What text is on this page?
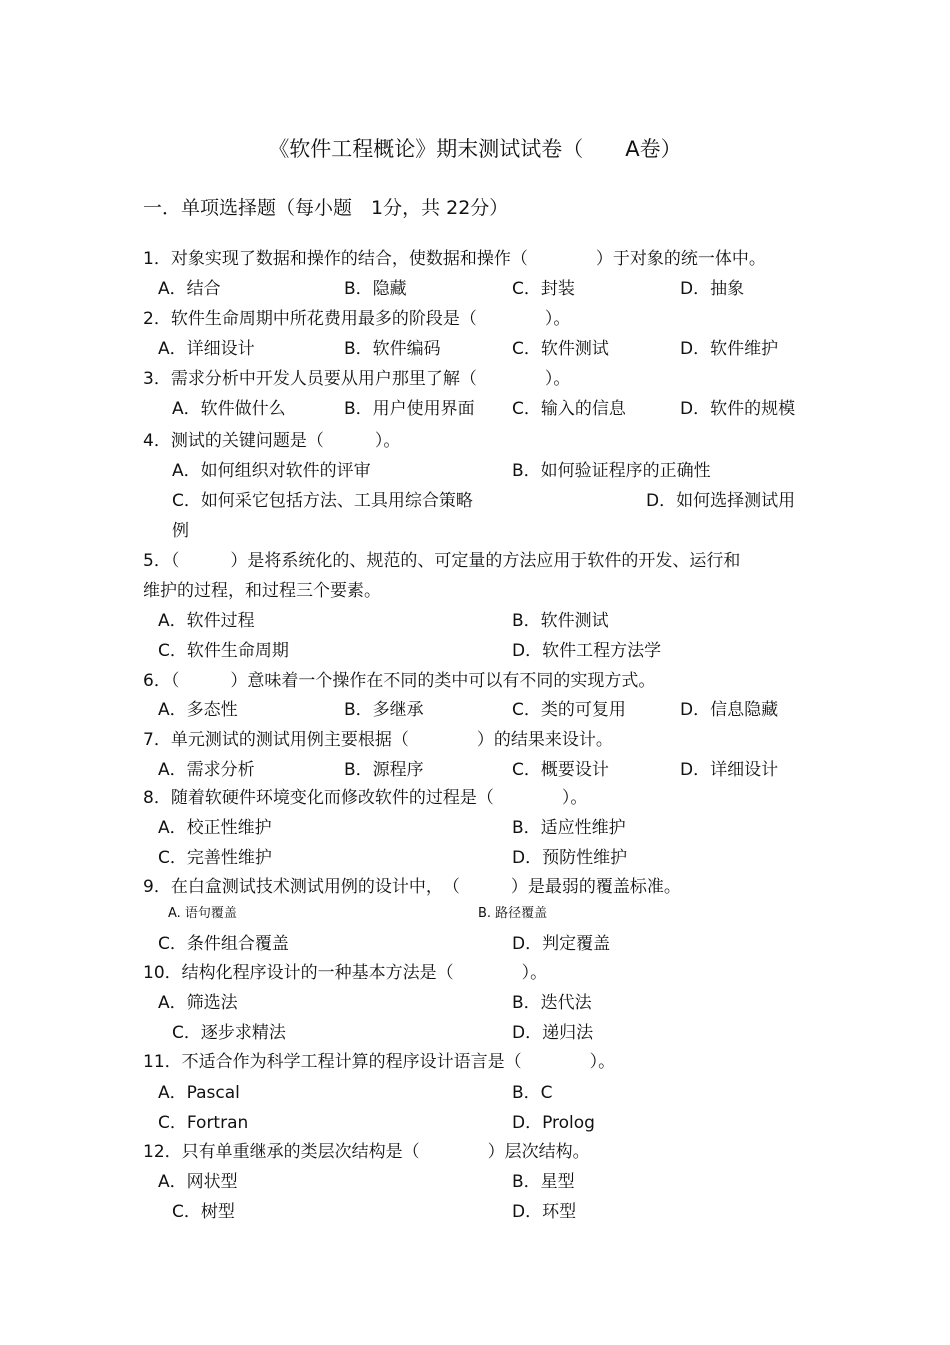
《软件工程概论》期末测试试卷（　　A卷）
一．单项选择题（每小题　1分，共 22分）
1．对象实现了数据和操作的结合，使数据和操作（　　　　）于对象的统一体中。
2．软件生命周期中所花费用最多的阶段是（　　　　）。
3．需求分析中开发人员要从用户那里了解（　　　　）。
4．测试的关键问题是（　　　）。
5．（　　　）是将系统化的、规范的、可定量的方法应用于软件的开发、运行和
维护的过程，和过程三个要素。
6．（　　　）意味着一个操作在不同的类中可以有不同的实现方式。
7．单元测试的测试用例主要根据（　　　　）的结果来设计。
8．随着软硬件环境变化而修改软件的过程是（　　　　）。
9．在白盒测试技术测试用例的设计中，　（　　　）是最弱的覆盖标准。
10．结构化程序设计的一种基本方法是（　　　　）。
11．不适合作为科学工程计算的程序设计语言是（　　　　）。
12．只有单重继承的类层次结构是（　　　　）层次结构。
A．结合	B．隐藏	C．封装	D．抽象
A．详细设计	B．软件编码	C．软件测试	D．软件维护
A．软件做什么	B．用户使用界面 C．输入的信息	D．软件的规模
A．如何组织对软件的评审	B．如何验证程序的正确性
C．如何采它包括方法、工具用综合策略	D．如何选择测试用
例
A．软件过程	B．软件测试
C．软件生命周期	D．软件工程方法学
A．多态性	B．多继承	C．类的可复用	D．信息隐藏
A．需求分析	B．源程序	C．概要设计	D．详细设计
A．校正性维护	B．适应性维护
C．完善性维护	D．预防性维护
A. 语句覆盖	B. 路径覆盖
C．条件组合覆盖	D．判定覆盖
A．筛选法	B．迭代法
C．逐步求精法	D．递归法
A．Pascal	B．C
C．Fortran	D．Prolog
A．网状型	B．星型
C．树型	D．环型
